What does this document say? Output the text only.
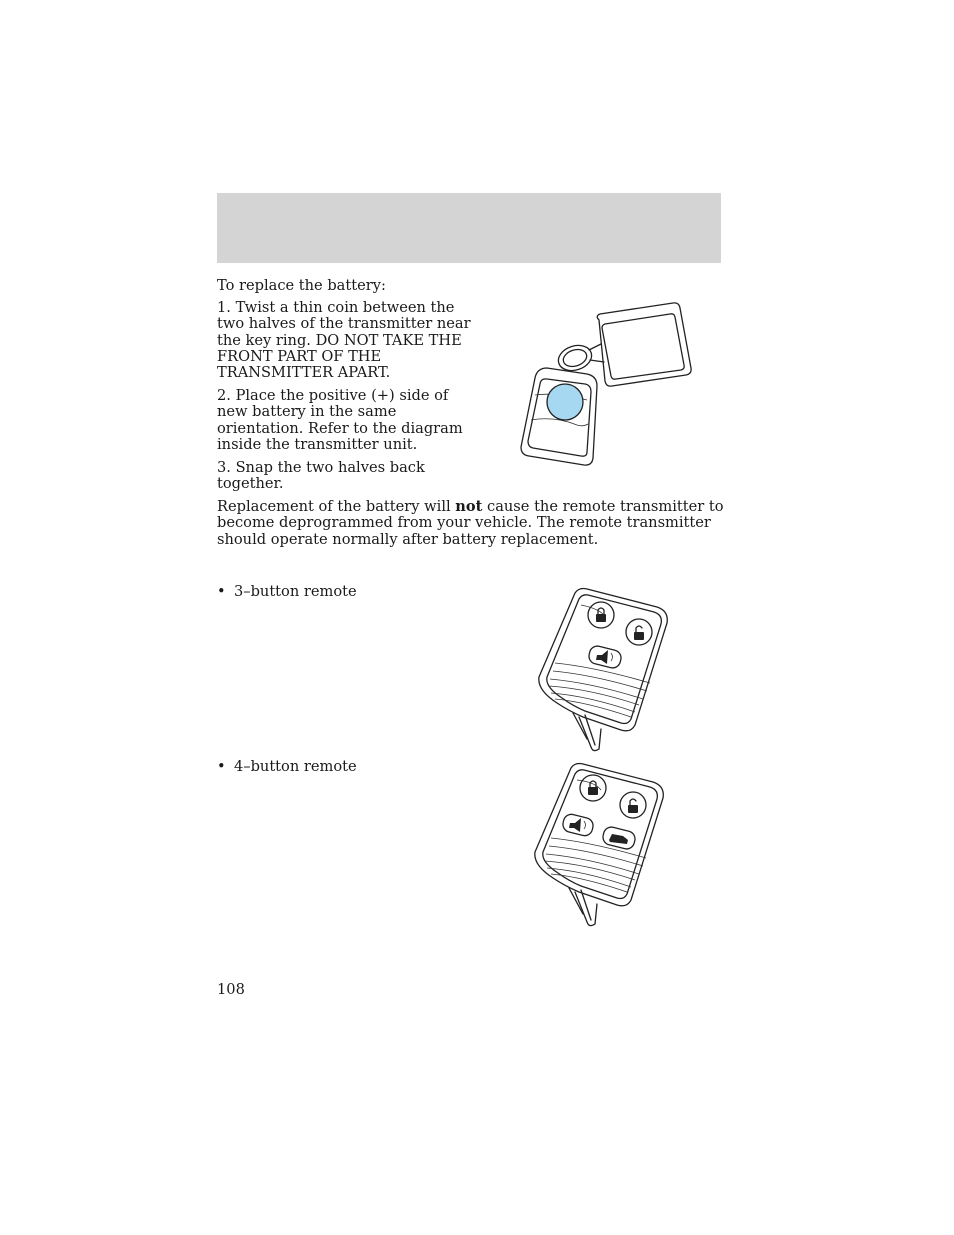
To replace the battery:

1. Twist a thin coin between the two halves of the transmitter near the key ring. DO NOT TAKE THE FRONT PART OF THE TRANSMITTER APART.

2. Place the positive (+) side of new battery in the same orientation. Refer to the diagram inside the transmitter unit.

3. Snap the two halves back together.

Replacement of the battery will not cause the remote transmitter to become deprogrammed from your vehicle. The remote transmitter should operate normally after battery replacement.

• 3–button remote

• 4–button remote

108
